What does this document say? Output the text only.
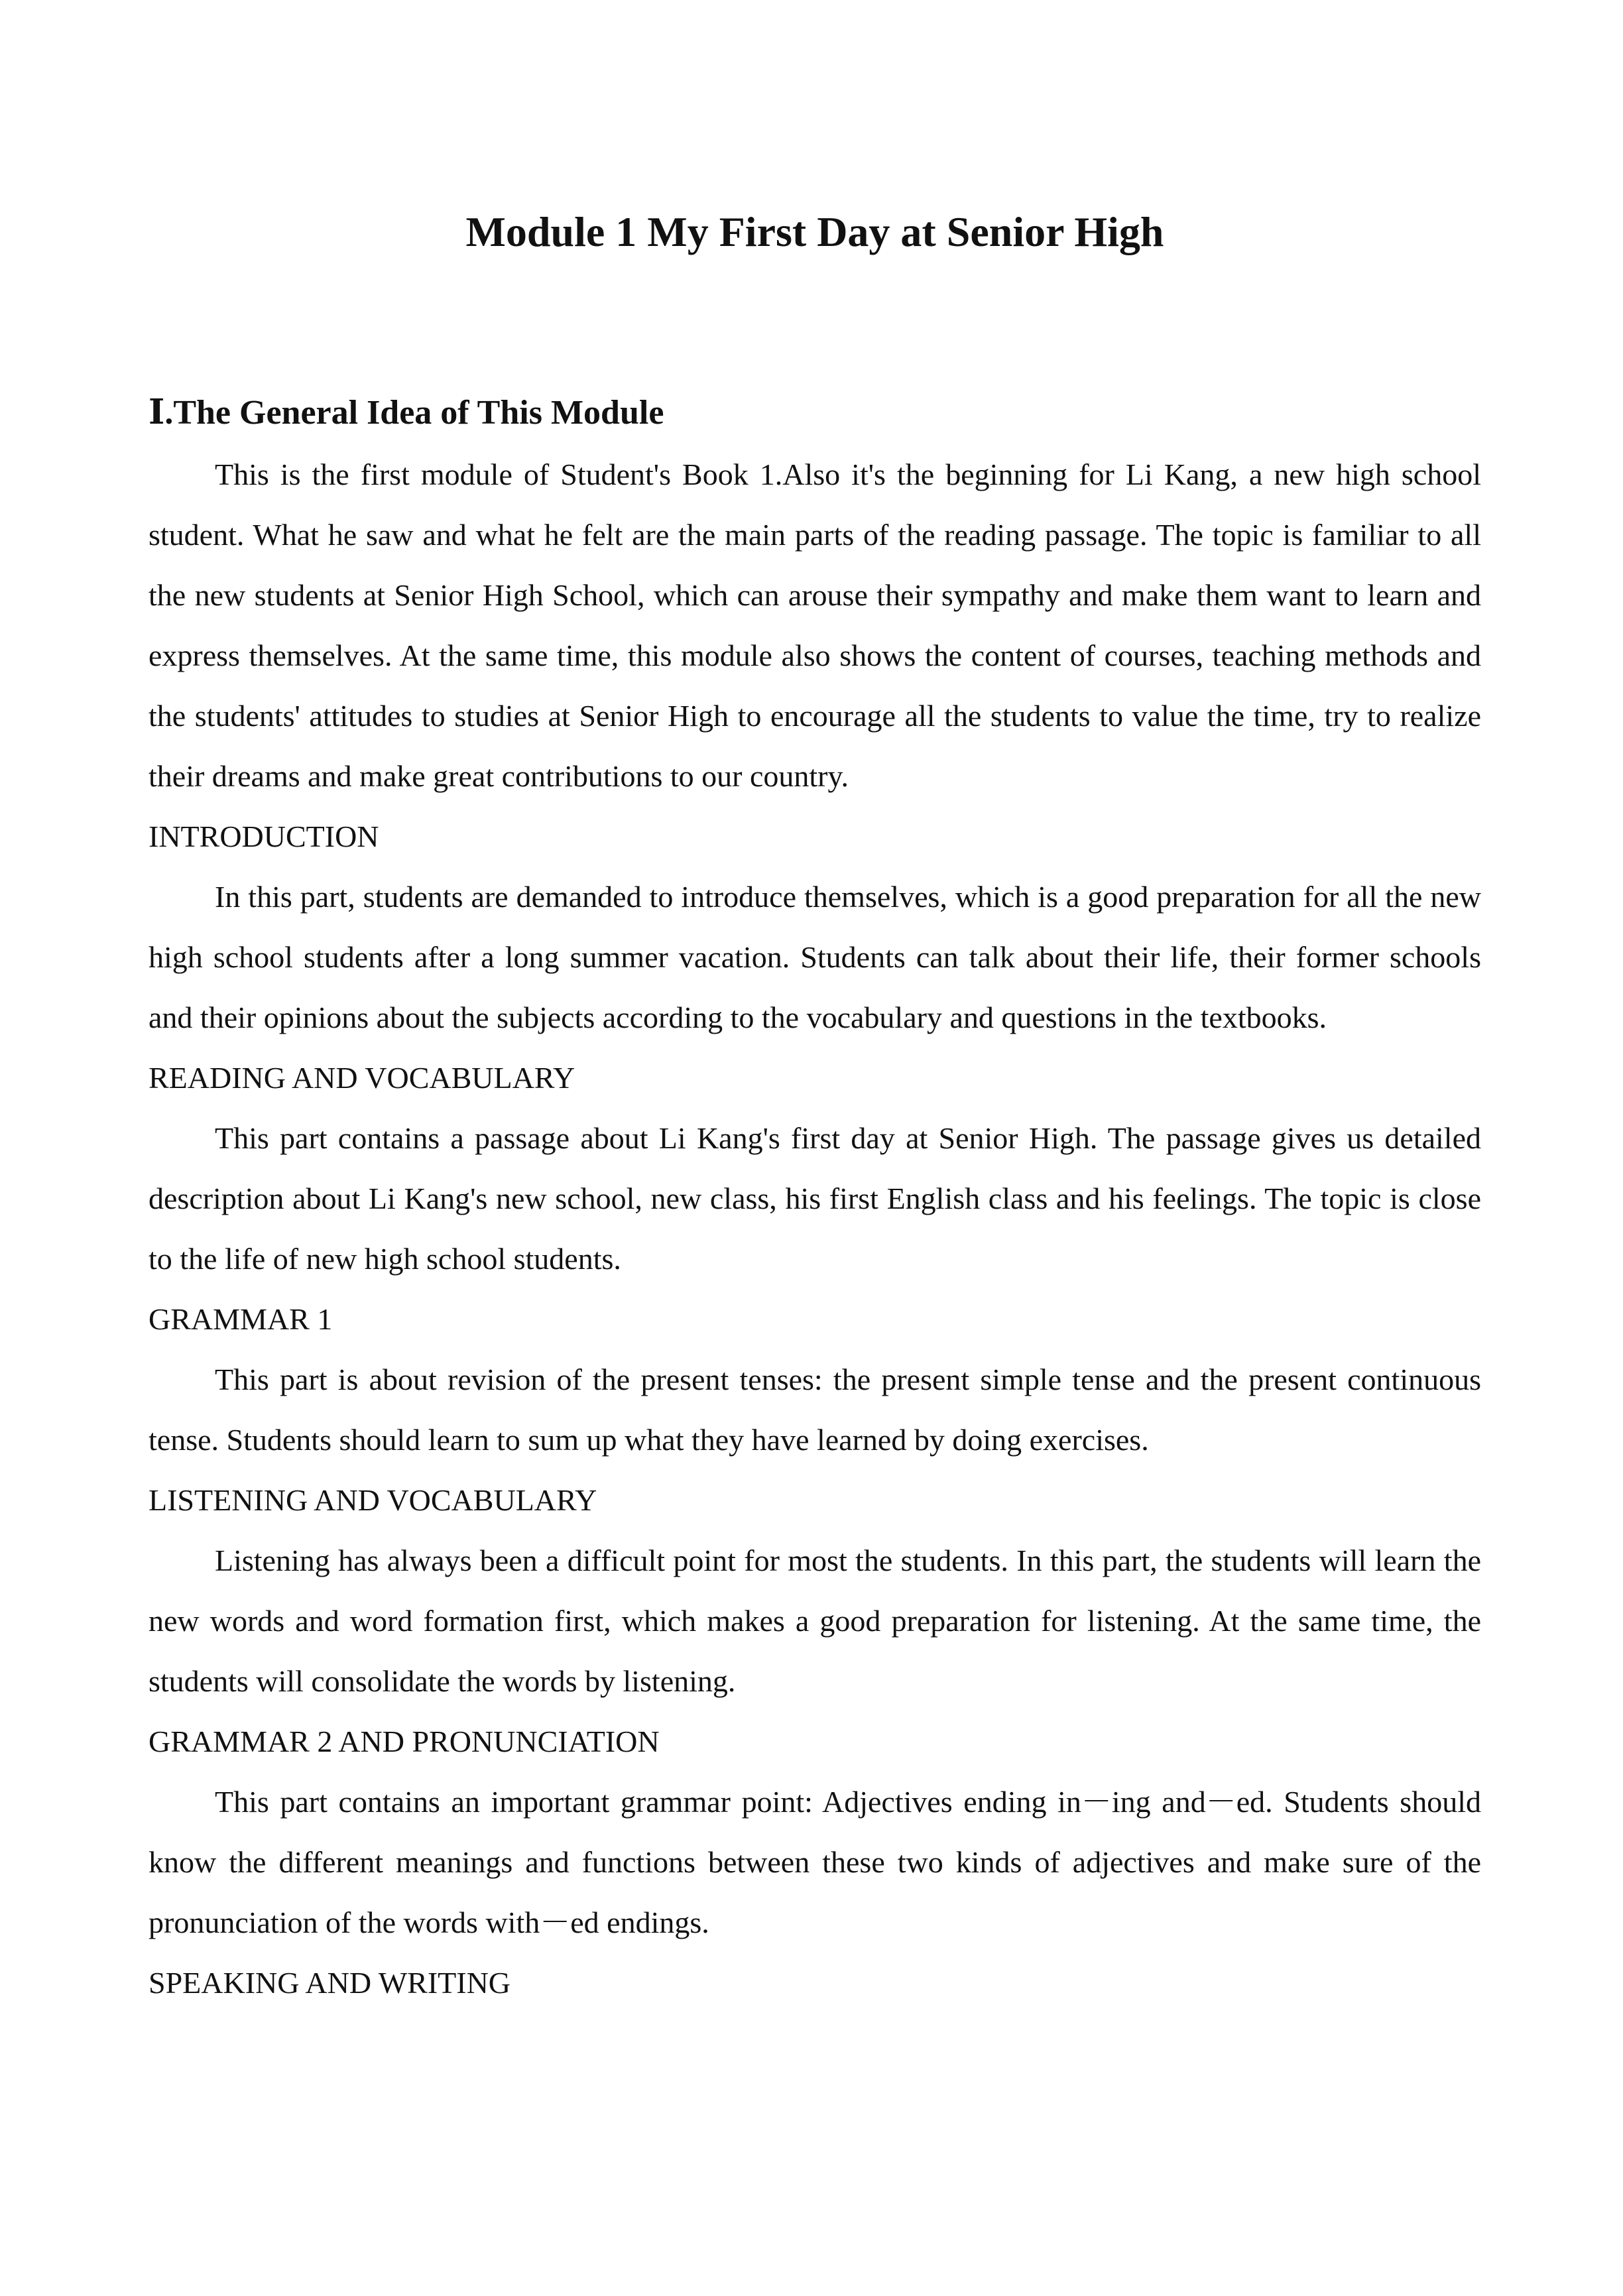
Module 1 My First Day at Senior High
Ⅰ.The General Idea of This Module

This is the first module of Student's Book 1.Also it's the beginning for Li Kang, a new high school student. What he saw and what he felt are the main parts of the reading passage. The topic is familiar to all the new students at Senior High School, which can arouse their sympathy and make them want to learn and express themselves. At the same time, this module also shows the content of courses, teaching methods and the students' attitudes to studies at Senior High to encourage all the students to value the time, try to realize their dreams and make great contributions to our country.

INTRODUCTION

In this part, students are demanded to introduce themselves, which is a good preparation for all the new high school students after a long summer vacation. Students can talk about their life, their former schools and their opinions about the subjects according to the vocabulary and questions in the textbooks.

READING AND VOCABULARY

This part contains a passage about Li Kang's first day at Senior High. The passage gives us detailed description about Li Kang's new school, new class, his first English class and his feelings. The topic is close to the life of new high school students.

GRAMMAR 1

This part is about revision of the present tenses: the present simple tense and the present continuous tense. Students should learn to sum up what they have learned by doing exercises.

LISTENING AND VOCABULARY

Listening has always been a difficult point for most the students. In this part, the students will learn the new words and word formation first, which makes a good preparation for listening. At the same time, the students will consolidate the words by listening.

GRAMMAR 2 AND PRONUNCIATION

This part contains an important grammar point: Adjectives ending in－ing and－ed. Students should know the different meanings and functions between these two kinds of adjectives and make sure of the pronunciation of the words with－ed endings.

SPEAKING AND WRITING
